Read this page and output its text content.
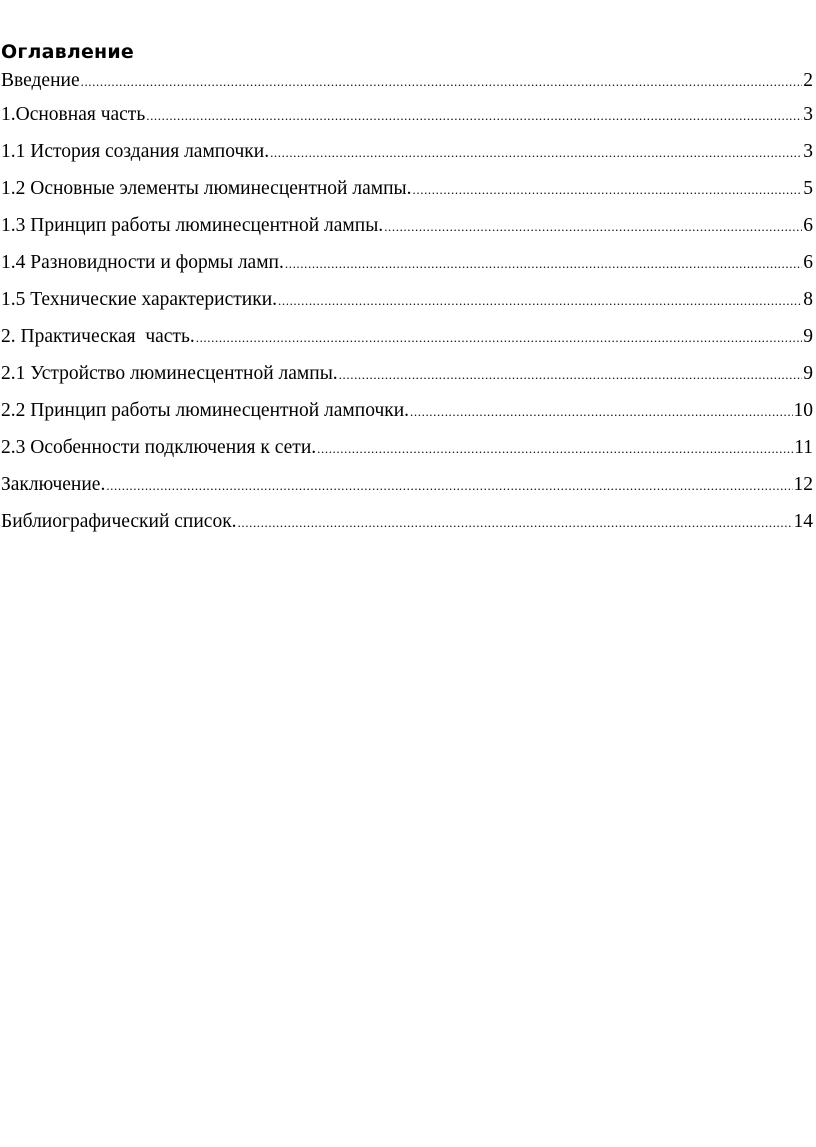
Оглавление
Введение .....	2
1.Основная часть .....	3
1.1 История создания лампочки. .....	3
1.2 Основные элементы люминесцентной лампы. .....	5
1.3 Принцип работы люминесцентной лампы. .....	6
1.4 Разновидности и формы ламп. .....	6
1.5 Технические характеристики. .....	8
2. Практическая  часть. .....	9
2.1 Устройство люминесцентной лампы. .....	9
2.2 Принцип работы люминесцентной лампочки. .....	10
2.3 Особенности подключения к сети. .....	11
Заключение. .....	12
Библиографический список. .....	14
